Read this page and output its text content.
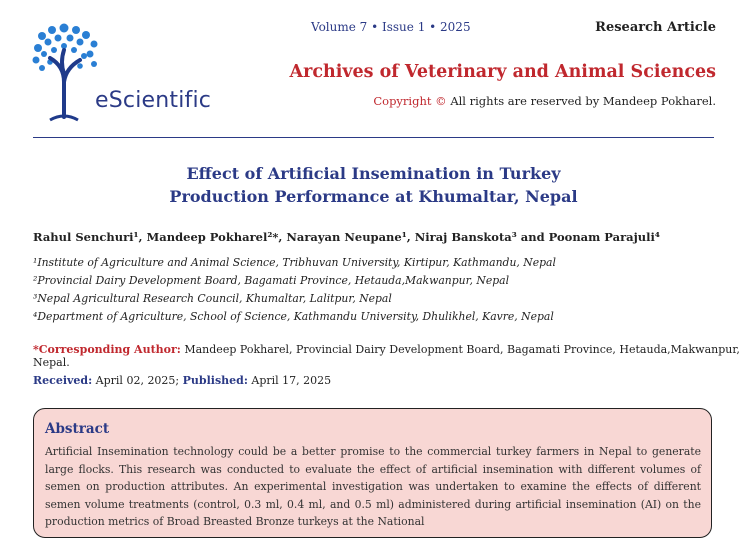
eScientific
Volume 7 • Issue 1 • 2025	Research Article
Archives of Veterinary and Animal Sciences
Copyright © All rights are reserved by Mandeep Pokharel.
Effect of Artificial Insemination in Turkey
Production Performance at Khumaltar, Nepal
Rahul Senchuri¹, Mandeep Pokharel²*, Narayan Neupane¹, Niraj Banskota³ and Poonam Parajuli⁴
¹Institute of Agriculture and Animal Science, Tribhuvan University, Kirtipur, Kathmandu, Nepal
²Provincial Dairy Development Board, Bagamati Province, Hetauda,Makwanpur, Nepal
³Nepal Agricultural Research Council, Khumaltar, Lalitpur, Nepal
⁴Department of Agriculture, School of Science, Kathmandu University, Dhulikhel, Kavre, Nepal
*Corresponding Author: Mandeep Pokharel, Provincial Dairy Development Board, Bagamati Province, Hetauda,Makwanpur, Nepal.
Received: April 02, 2025; Published: April 17, 2025
Abstract
Artificial Insemination technology could be a better promise to the commercial turkey farmers in Nepal to generate large flocks. This research was conducted to evaluate the effect of artificial insemination with different volumes of semen on production attributes. An experimental investigation was undertaken to examine the effects of different semen volume treatments (control, 0.3 ml, 0.4 ml, and 0.5 ml) administered during artificial insemination (AI) on the production metrics of Broad Breasted Bronze turkeys at the National
